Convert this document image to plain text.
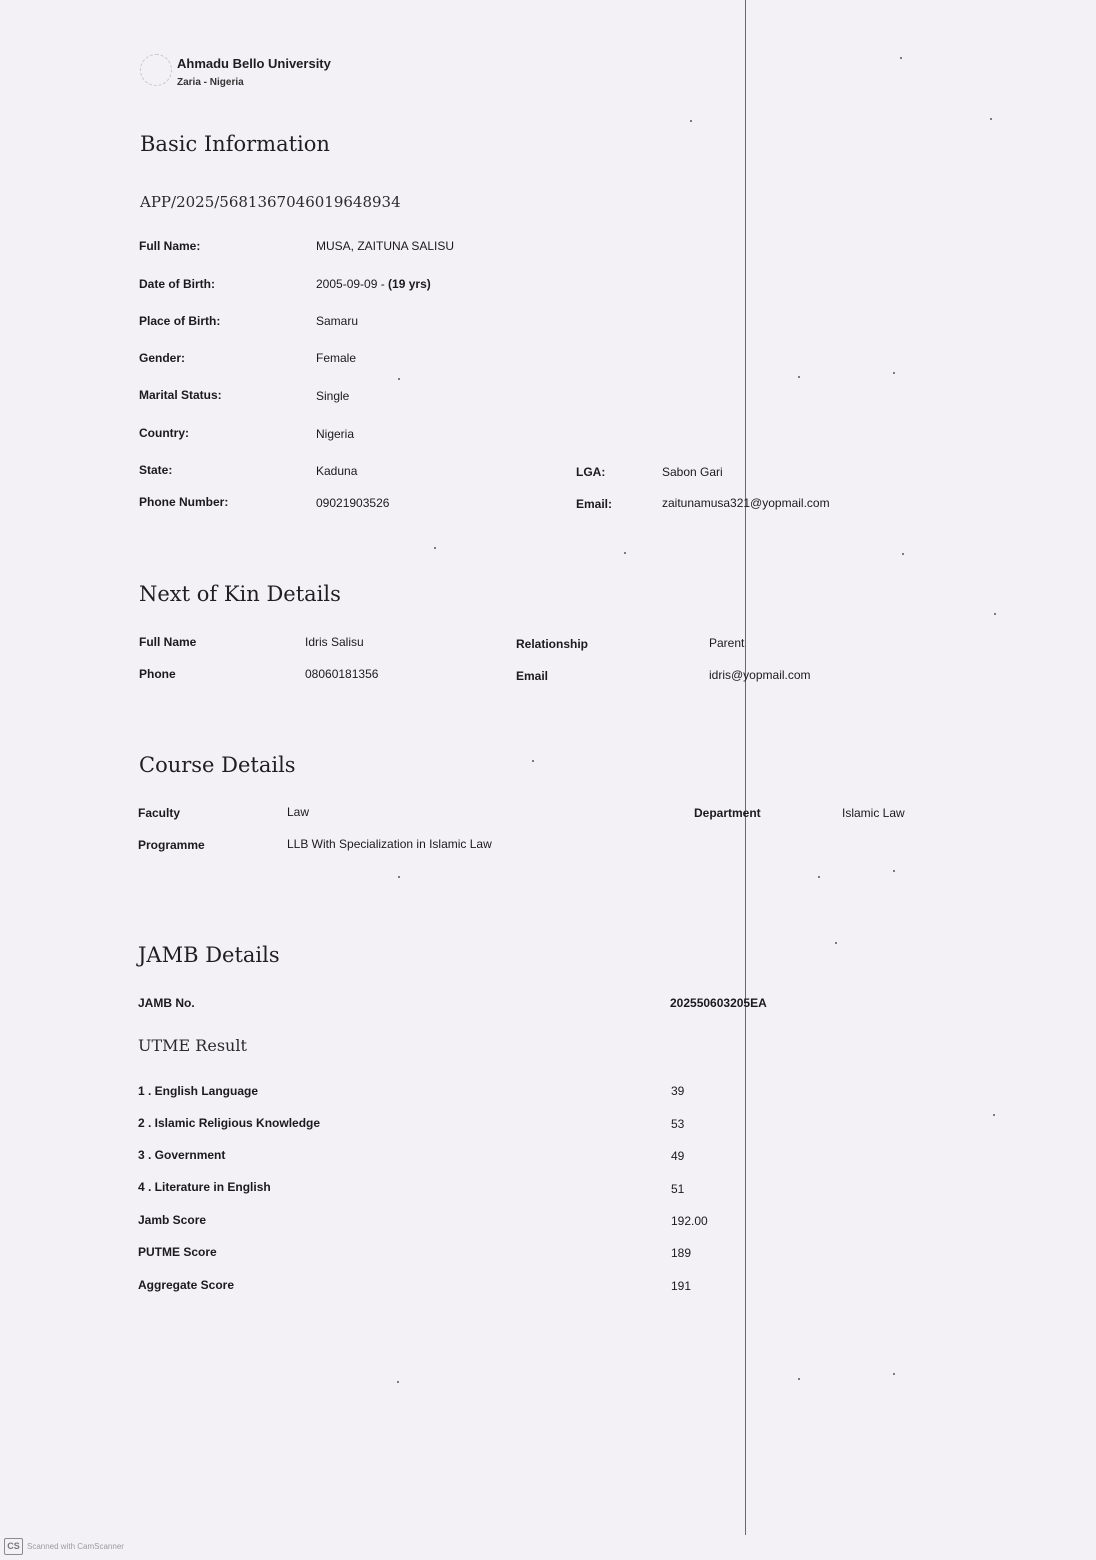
Ahmadu Bello University
Zaria - Nigeria
Basic Information
APP/2025/5681367046019648934
Full Name:	MUSA, ZAITUNA SALISU
Date of Birth:	2005-09-09 - (19 yrs)
Place of Birth:	Samaru
Gender:	Female
Marital Status:	Single
Country:	Nigeria
State:	Kaduna	LGA:	Sabon Gari
Phone Number:	09021903526	Email:	zaitunamusa321@yopmail.com
Next of Kin Details
Full Name	Idris Salisu	Relationship	Parent
Phone	08060181356	Email	idris@yopmail.com
Course Details
Faculty	Law	Department	Islamic Law
Programme	LLB With Specialization in Islamic Law
JAMB Details
JAMB No.	202550603205EA
UTME Result
1 . English Language	39
2 . Islamic Religious Knowledge	53
3 . Government	49
4 . Literature in English	51
Jamb Score	192.00
PUTME Score	189
Aggregate Score	191
CS Scanned with CamScanner
